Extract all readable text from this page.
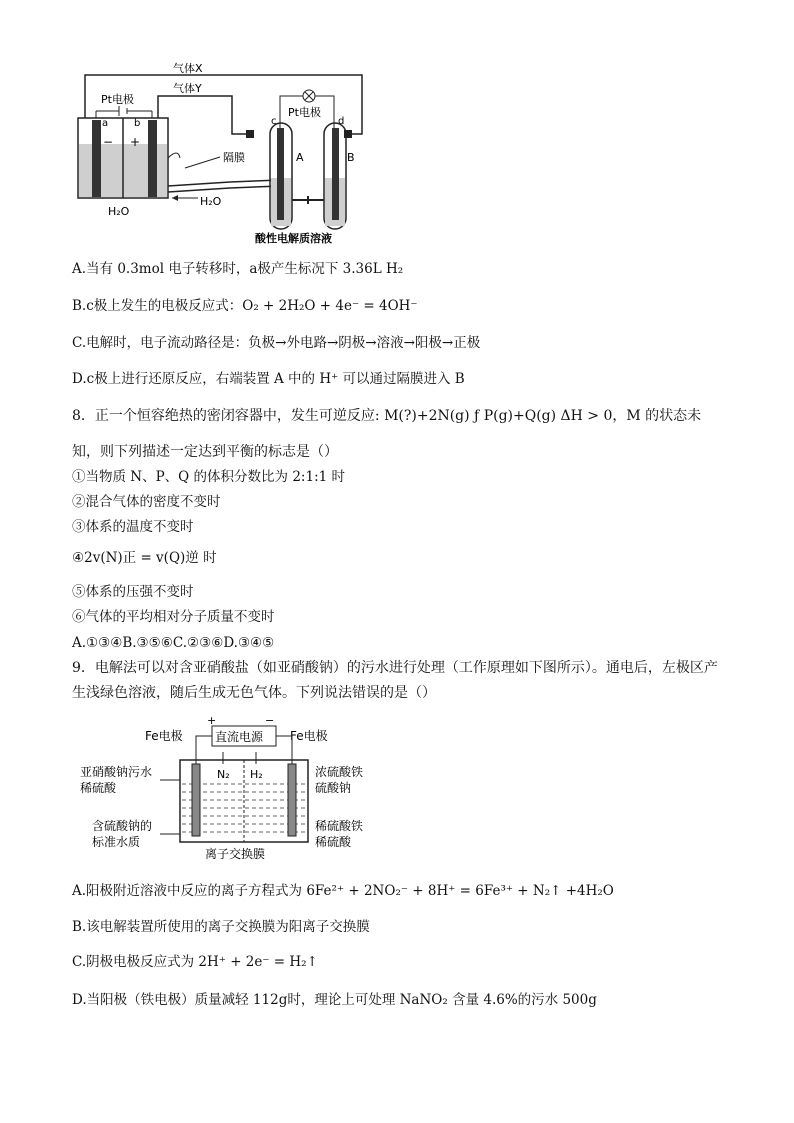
气体X
气体Y
Pt电极
a	b
− +
H₂O
隔膜
H₂O
Pt电极
c	d
A	B
酸性电解质溶液
A.当有 0.3mol 电子转移时，a极产生标况下 3.36L H₂
B.c极上发生的电极反应式：O₂ + 2H₂O + 4e⁻ = 4OH⁻
C.电解时，电子流动路径是：负极→外电路→阴极→溶液→阳极→正极
D.c极上进行还原反应，右端装置 A 中的 H⁺ 可以通过隔膜进入 B
8．正一个恒容绝热的密闭容器中，发生可逆反应: M(?)+2N(g) ƒ P(g)+Q(g) ΔH > 0，M 的状态未
知，则下列描述一定达到平衡的标志是（）
①当物质 N、P、Q 的体积分数比为 2:1:1 时
②混合气体的密度不变时
③体系的温度不变时
④2v(N)正 = v(Q)逆 时
⑤体系的压强不变时
⑥气体的平均相对分子质量不变时
A.①③④B.③⑤⑥C.②③⑥D.③④⑤
9．电解法可以对含亚硝酸盐（如亚硝酸钠）的污水进行处理（工作原理如下图所示）。通电后，左极区产
生浅绿色溶液，随后生成无色气体。下列说法错误的是（）
+	−
直流电源
Fe电极	Fe电极
N₂ H₂
亚硝酸钠污水
稀硫酸
含硫酸钠的
标准水质
浓硫酸铁
硫酸钠
稀硫酸铁
稀硫酸
离子交换膜
A.阳极附近溶液中反应的离子方程式为 6Fe²⁺ + 2NO₂⁻ + 8H⁺ = 6Fe³⁺ + N₂↑ +4H₂O
B.该电解装置所使用的离子交换膜为阳离子交换膜
C.阴极电极反应式为 2H⁺ + 2e⁻ = H₂↑
D.当阳极（铁电极）质量减轻 112g时，理论上可处理 NaNO₂ 含量 4.6%的污水 500g
